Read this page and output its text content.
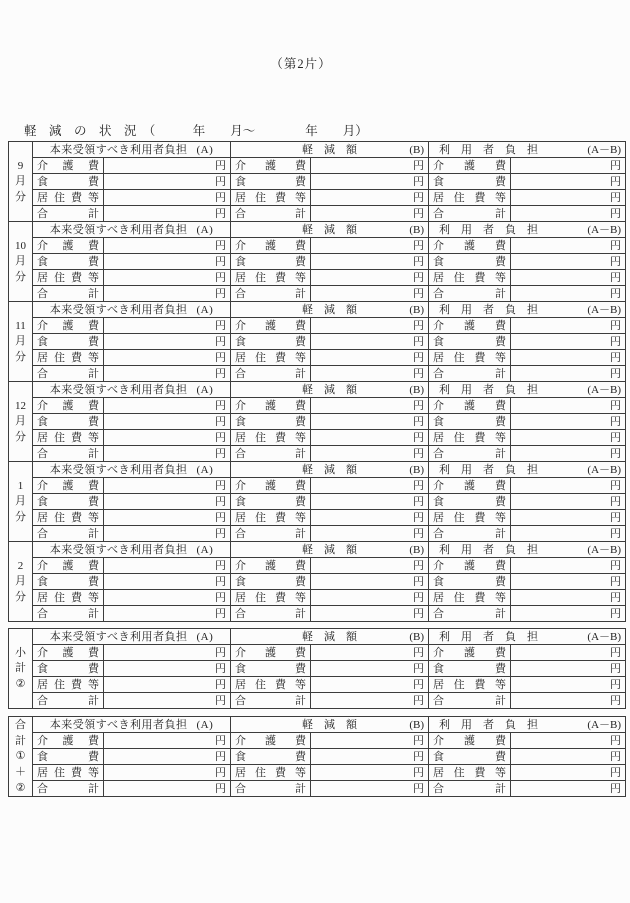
（第2片）
軽　減　の　状　況　（　　　年　　月～　　　　年　　月）
9
月
分

本来受領すべき利用者負担 (A)	軽　減　額	(B)	利　用　者　負　担	(A－B)

	介 護 費	円	介 護 費	円	介 護 費	円

	食 費	円	食 費	円	食 費	円

	居 住 費 等	円	居 住 費 等	円	居 住 費 等	円

	合 計	円	合 計	円	合 計	円

10
月
分

本来受領すべき利用者負担 (A)	軽　減　額	(B)	利　用　者　負　担	(A－B)

	介 護 費	円	介 護 費	円	介 護 費	円

	食 費	円	食 費	円	食 費	円

	居 住 費 等	円	居 住 費 等	円	居 住 費 等	円

	合 計	円	合 計	円	合 計	円

11
月
分

本来受領すべき利用者負担 (A)	軽　減　額	(B)	利　用　者　負　担	(A－B)

	介 護 費	円	介 護 費	円	介 護 費	円

	食 費	円	食 費	円	食 費	円

	居 住 費 等	円	居 住 費 等	円	居 住 費 等	円

	合 計	円	合 計	円	合 計	円

12
月
分

本来受領すべき利用者負担 (A)	軽　減　額	(B)	利　用　者　負　担	(A－B)

	介 護 費	円	介 護 費	円	介 護 費	円

	食 費	円	食 費	円	食 費	円

	居 住 費 等	円	居 住 費 等	円	居 住 費 等	円

	合 計	円	合 計	円	合 計	円

1
月
分

本来受領すべき利用者負担 (A)	軽　減　額	(B)	利　用　者　負　担	(A－B)

	介 護 費	円	介 護 費	円	介 護 費	円

	食 費	円	食 費	円	食 費	円

	居 住 費 等	円	居 住 費 等	円	居 住 費 等	円

	合 計	円	合 計	円	合 計	円

2
月
分

本来受領すべき利用者負担 (A)	軽　減　額	(B)	利　用　者　負　担	(A－B)

	介 護 費	円	介 護 費	円	介 護 費	円

	食 費	円	食 費	円	食 費	円

	居 住 費 等	円	居 住 費 等	円	居 住 費 等	円

	合 計	円	合 計	円	合 計	円
小
計
②

本来受領すべき利用者負担 (A)	軽　減　額	(B)	利　用　者　負　担	(A－B)

	介 護 費	円	介 護 費	円	介 護 費	円

	食 費	円	食 費	円	食 費	円

	居 住 費 等	円	居 住 費 等	円	居 住 費 等	円

	合 計	円	合 計	円	合 計	円
合
計
①
＋
②

本来受領すべき利用者負担 (A)	軽　減　額	(B)	利　用　者　負　担	(A－B)

	介 護 費	円	介 護 費	円	介 護 費	円

	食 費	円	食 費	円	食 費	円

	居 住 費 等	円	居 住 費 等	円	居 住 費 等	円

	合 計	円	合 計	円	合 計	円
